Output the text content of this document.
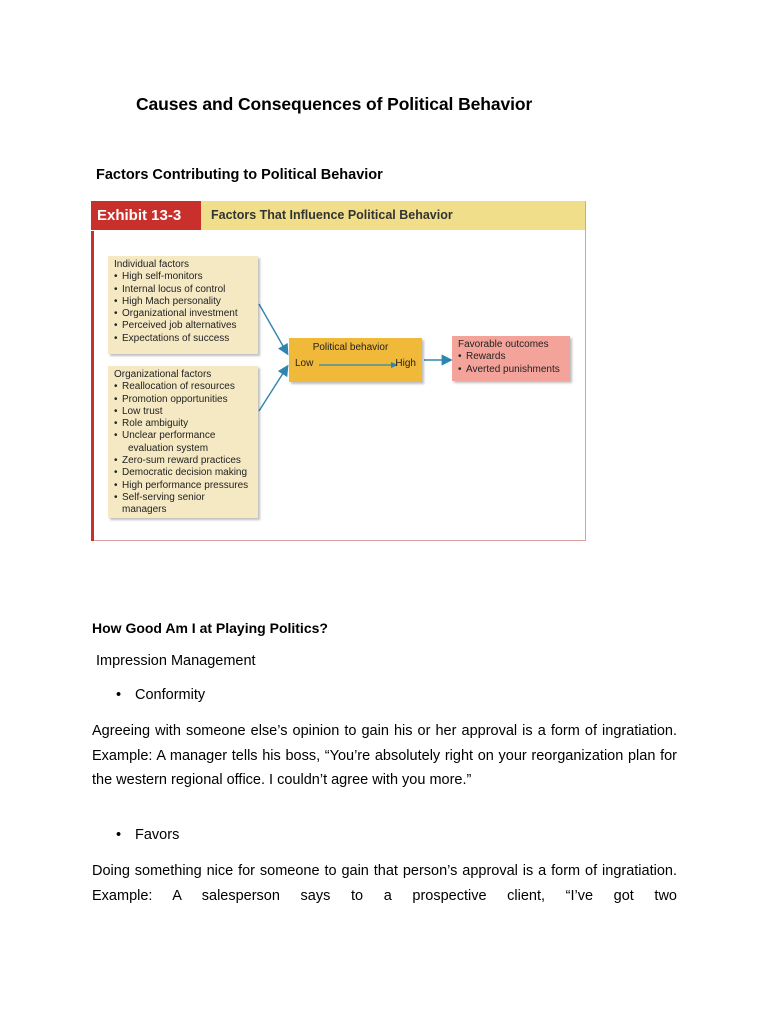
Causes and Consequences of Political Behavior
Factors Contributing to Political Behavior
Exhibit 13-3	Factors That Influence Political Behavior
Individual factors
• High self-monitors
• Internal locus of control
• High Mach personality
• Organizational investment
• Perceived job alternatives
• Expectations of success
Organizational factors
• Reallocation of resources
• Promotion opportunities
• Low trust
• Role ambiguity
• Unclear performance
evaluation system
• Zero-sum reward practices
• Democratic decision making
• High performance pressures
• Self-serving senior managers
Political behavior
Low	High
Favorable outcomes
• Rewards
• Averted punishments
How Good Am I at Playing Politics?
Impression Management
• Conformity

Agreeing with someone else’s opinion to gain his or her approval is a form of ingratiation. Example: A manager tells his boss, “You’re absolutely right on your reorganization plan for the western regional office. I couldn’t agree with you more.”

• Favors

Doing something nice for someone to gain that person’s approval is a form of ingratiation. Example: A salesperson says to a prospective client, “I’ve got two
